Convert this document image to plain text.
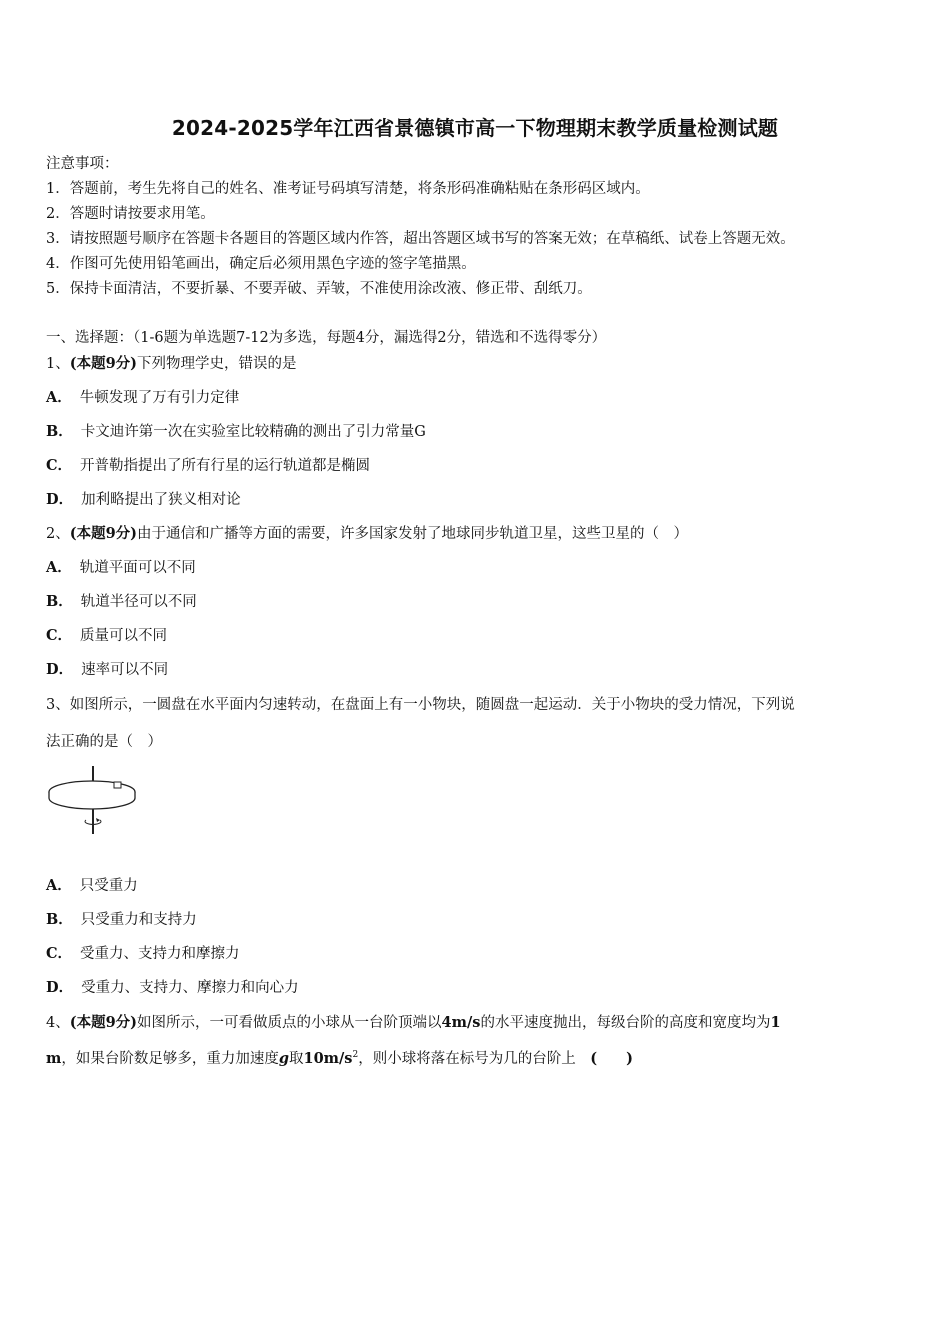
2024-2025学年江西省景德镇市高一下物理期末教学质量检测试题
注意事项：
1．答题前，考生先将自己的姓名、准考证号码填写清楚，将条形码准确粘贴在条形码区域内。
2．答题时请按要求用笔。
3．请按照题号顺序在答题卡各题目的答题区域内作答，超出答题区域书写的答案无效；在草稿纸、试卷上答题无效。
4．作图可先使用铅笔画出，确定后必须用黑色字迹的签字笔描黑。
5．保持卡面清洁，不要折暴、不要弄破、弄皱，不准使用涂改液、修正带、刮纸刀。
一、选择题：（1-6题为单选题7-12为多选，每题4分，漏选得2分，错选和不选得零分）
1、(本题9分)下列物理学史，错误的是
A． 牛顿发现了万有引力定律
B． 卡文迪许第一次在实验室比较精确的测出了引力常量G
C． 开普勒指提出了所有行星的运行轨道都是椭圆
D． 加利略提出了狭义相对论
2、(本题9分)由于通信和广播等方面的需要，许多国家发射了地球同步轨道卫星，这些卫星的（　）
A． 轨道平面可以不同
B． 轨道半径可以不同
C． 质量可以不同
D． 速率可以不同
3、如图所示，一圆盘在水平面内匀速转动，在盘面上有一小物块，随圆盘一起运动．关于小物块的受力情况，下列说
法正确的是（　）
A． 只受重力
B． 只受重力和支持力
C． 受重力、支持力和摩擦力
D． 受重力、支持力、摩擦力和向心力
4、(本题9分)如图所示，一可看做质点的小球从一台阶顶端以4m/s的水平速度抛出，每级台阶的高度和宽度均为1
m，如果台阶数足够多，重力加速度g取$10m/s^2$，则小球将落在标号为几的台阶上　(　　)
